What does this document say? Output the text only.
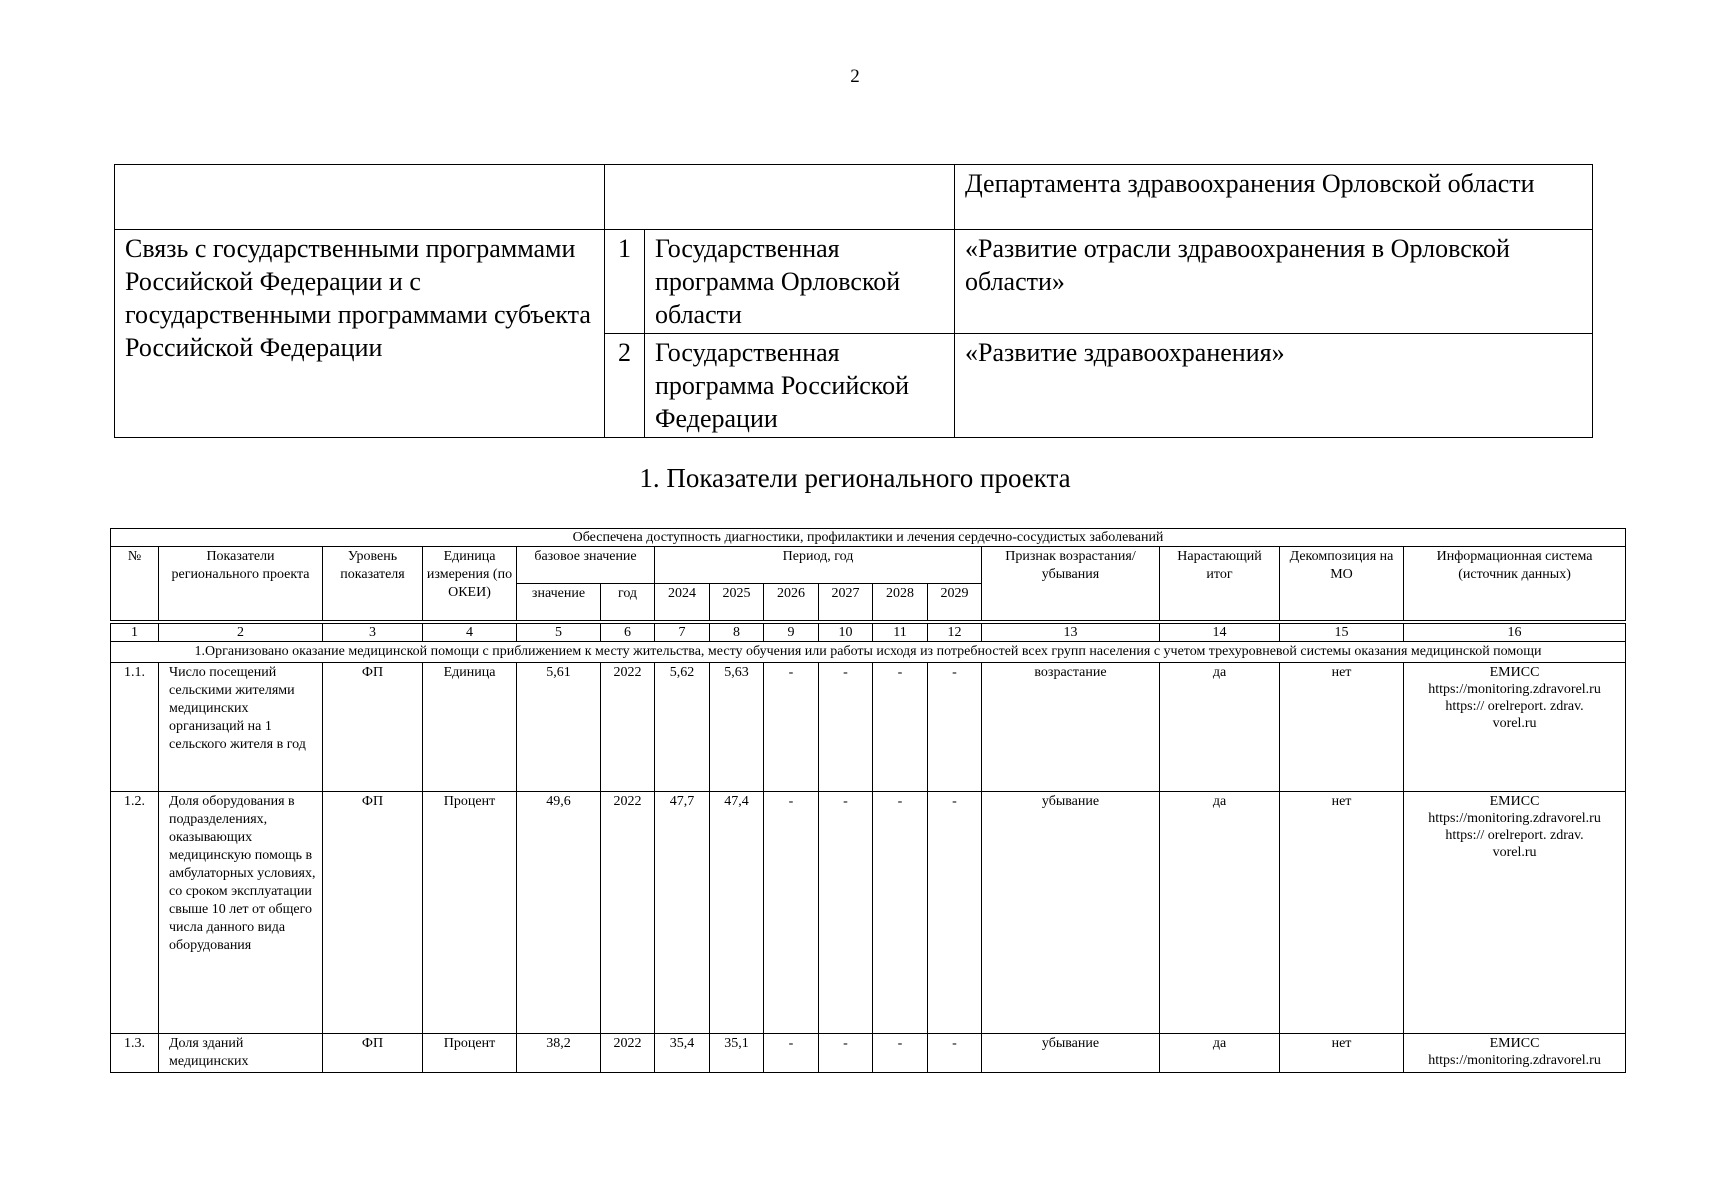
2
			Департамента здравоохранения Орловской области
Связь с государственными программами Российской Федерации и с государственными программами субъекта Российской Федерации	1	Государственная программа Орловской области	«Развитие отрасли здравоохранения в Орловской области»
	2	Государственная программа Российской Федерации	«Развитие здравоохранения»
1. Показатели регионального проекта
Обеспечена доступность диагностики, профилактики и лечения сердечно-сосудистых заболеваний															
№	Показатели регионального проекта	Уровень показателя	Единица измерения (по ОКЕИ)	базовое значение		Период, год						Признак возрастания/убывания	Нарастающий итог	Декомпозиция на МО	Информационная система (источник данных)
				значение	год	2024	2025	2026	2027	2028	2029				

1	2	3	4	5	6	7	8	9	10	11	12	13	14	15	16
1.Организовано оказание медицинской помощи с приближением к месту жительства, месту обучения или работы исходя из потребностей всех групп населения с учетом трехуровневой системы оказания медицинской помощи															
1.1.	Число посещений сельскими жителями медицинских организаций на 1 сельского жителя в год	ФП	Единица	5,61	2022	5,62	5,63	-	-	-	-	возрастание	да	нет	ЕМИСС
https://monitoring.zdravorel.ru
https:// orelreport. zdrav.
vorel.ru

1.2.	Доля оборудования в подразделениях, оказывающих медицинскую помощь в амбулаторных условиях, со сроком эксплуатации свыше 10 лет от общего числа данного вида оборудования	ФП	Процент	49,6	2022	47,7	47,4	-	-	-	-	убывание	да	нет	ЕМИСС
https://monitoring.zdravorel.ru
https:// orelreport. zdrav.
vorel.ru

1.3.	Доля зданий медицинских	ФП	Процент	38,2	2022	35,4	35,1	-	-	-	-	убывание	да	нет	ЕМИСС
https://monitoring.zdravorel.ru
